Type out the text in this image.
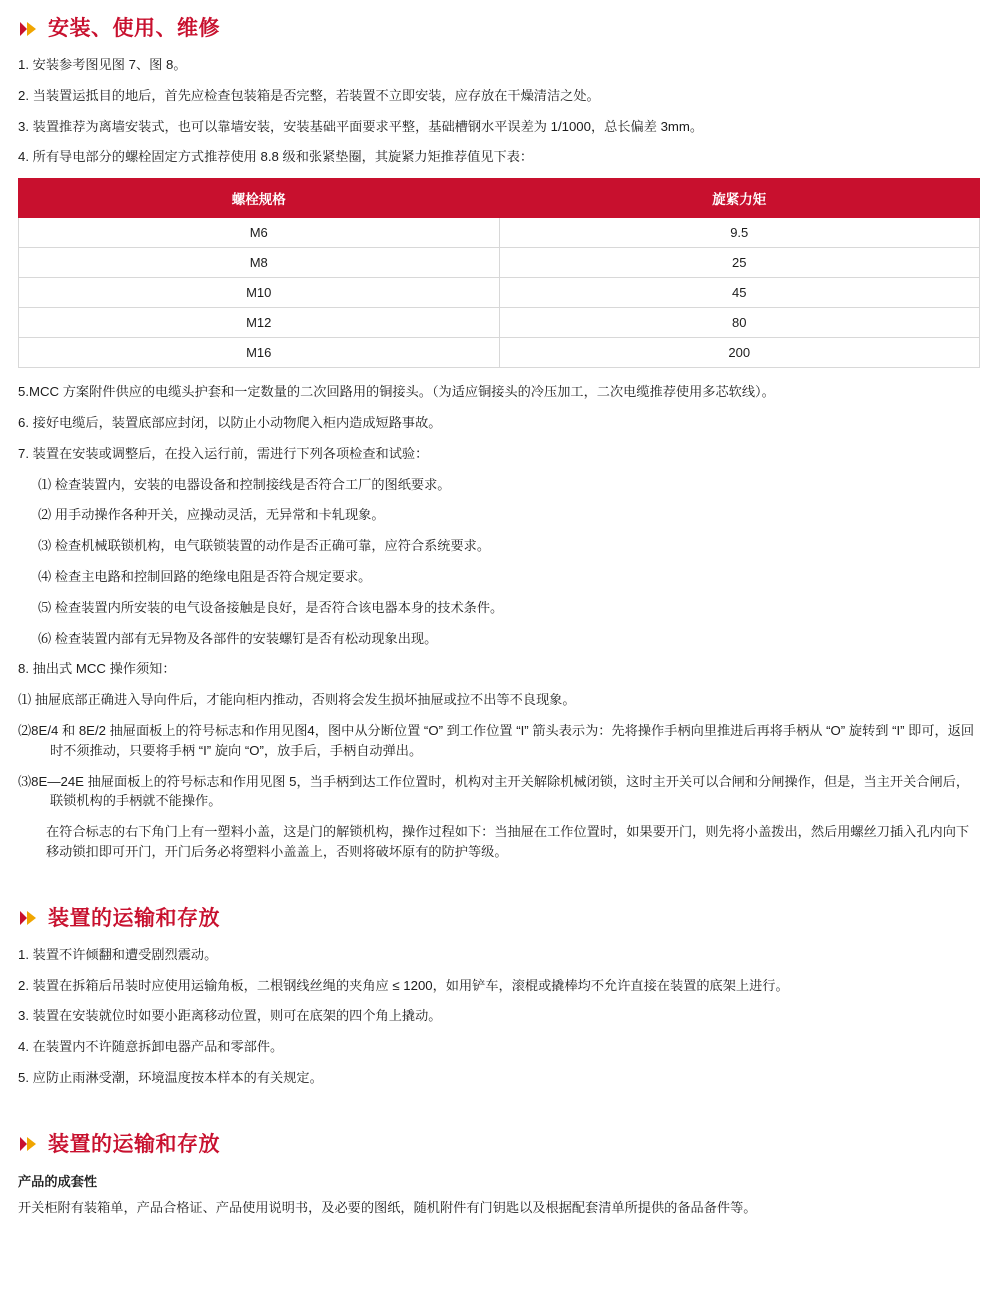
安装、使用、维修

1. 安装参考图见图 7、图 8。

2. 当装置运抵目的地后，首先应检查包装箱是否完整，若装置不立即安装，应存放在干燥清洁之处。

3. 装置推荐为离墙安装式，也可以靠墙安装，安装基础平面要求平整，基础槽钢水平误差为 1/1000，总长偏差 3mm。

4. 所有导电部分的螺栓固定方式推荐使用 8.8 级和张紧垫圈，其旋紧力矩推荐值见下表：

螺栓规格	旋紧力矩
M6	9.5
M8	25
M10	45
M12	80
M16	200

5.MCC 方案附件供应的电缆头护套和一定数量的二次回路用的铜接头。（为适应铜接头的冷压加工，二次电缆推荐使用多芯软线）。

6. 接好电缆后，装置底部应封闭，以防止小动物爬入柜内造成短路事故。

7. 装置在安装或调整后，在投入运行前，需进行下列各项检查和试验：

⑴ 检查装置内，安装的电器设备和控制接线是否符合工厂的图纸要求。

⑵ 用手动操作各种开关，应操动灵活，无异常和卡轧现象。

⑶ 检查机械联锁机构，电气联锁装置的动作是否正确可靠，应符合系统要求。

⑷ 检查主电路和控制回路的绝缘电阻是否符合规定要求。

⑸ 检查装置内所安装的电气设备接触是良好，是否符合该电器本身的技术条件。

⑹ 检查装置内部有无异物及各部件的安装螺钉是否有松动现象出现。

8. 抽出式 MCC 操作须知：

⑴ 抽屉底部正确进入导向件后，才能向柜内推动，否则将会发生损坏抽屉或拉不出等不良现象。

⑵8E/4 和 8E/2 抽屉面板上的符号标志和作用见图4，图中从分断位置 “O” 到工作位置 “I” 箭头表示为：先将操作手柄向里推进后再将手柄从 “O” 旋转到 “I” 即可，返回时不须推动，只要将手柄 “I” 旋向 “O”，放手后，手柄自动弹出。

⑶8E—24E 抽屉面板上的符号标志和作用见图 5，当手柄到达工作位置时，机构对主开关解除机械闭锁，这时主开关可以合闸和分闸操作，但是，当主开关合闸后，联锁机构的手柄就不能操作。

在符合标志的右下角门上有一塑料小盖，这是门的解锁机构，操作过程如下：当抽屉在工作位置时，如果要开门，则先将小盖拨出，然后用螺丝刀插入孔内向下移动锁扣即可开门，开门后务必将塑料小盖盖上，否则将破坏原有的防护等级。

装置的运输和存放

1. 装置不许倾翻和遭受剧烈震动。

2. 装置在拆箱后吊装时应使用运输角板，二根钢线丝绳的夹角应 ≤ 1200，如用铲车，滚棍或撬棒均不允许直接在装置的底架上进行。

3. 装置在安装就位时如要小距离移动位置，则可在底架的四个角上撬动。

4. 在装置内不许随意拆卸电器产品和零部件。

5. 应防止雨淋受潮，环境温度按本样本的有关规定。

装置的运输和存放

产品的成套性

开关柜附有装箱单，产品合格证、产品使用说明书，及必要的图纸，随机附件有门钥匙以及根据配套清单所提供的备品备件等。
